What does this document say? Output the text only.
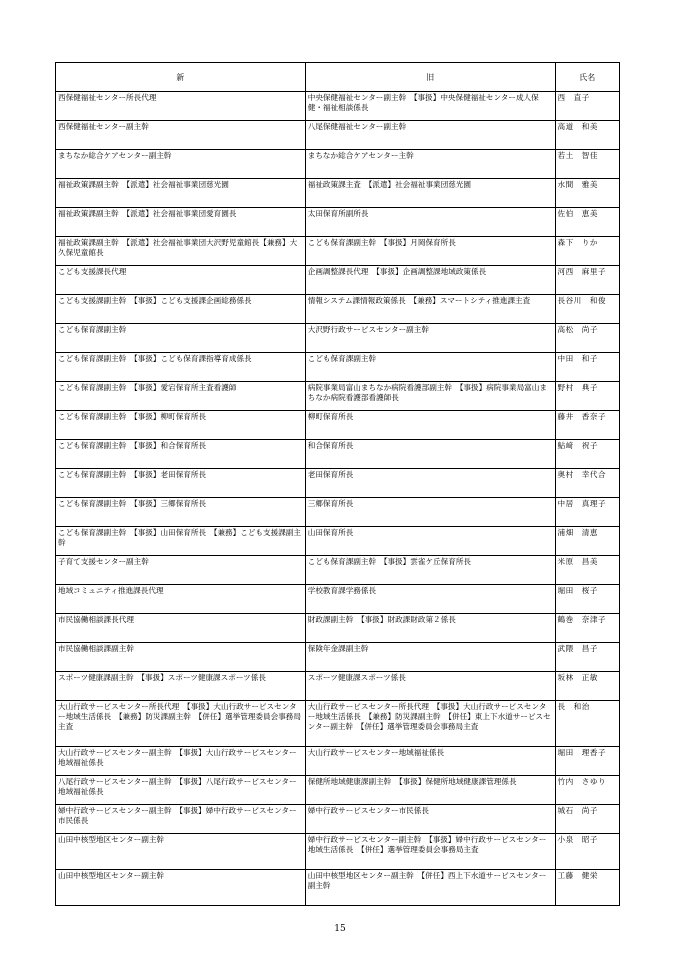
新	旧	氏名
西保健福祉センター所長代理	中央保健福祉センター副主幹　【事扱】中央保健福祉センター成人保健・福祉相談係長	西　直子
西保健福祉センター副主幹	八尾保健福祉センター副主幹	高道　和美
まちなか総合ケアセンター副主幹	まちなか総合ケアセンター主幹	若土　智佳
福祉政策課副主幹　【派遣】社会福祉事業団慈光園	福祉政策課主査　【派遣】社会福祉事業団慈光園	水間　雅美
福祉政策課副主幹　【派遣】社会福祉事業団愛育園長	太田保育所副所長	佐伯　恵美
福祉政策課副主幹　【派遣】社会福祉事業団大沢野児童館長【兼務】大久保児童館長	こども保育課副主幹　【事扱】月岡保育所長	森下　りか
こども支援課長代理	企画調整課長代理　【事扱】企画調整課地域政策係長	河西　麻里子
こども支援課副主幹　【事扱】こども支援課企画総務係長	情報システム課情報政策係長　【兼務】スマートシティ推進課主査	長谷川　和俊
こども保育課副主幹	大沢野行政サービスセンター副主幹	高松　尚子
こども保育課副主幹　【事扱】こども保育課指導育成係長	こども保育課副主幹	中田　和子
こども保育課副主幹　【事扱】愛宕保育所主査看護師	病院事業局富山まちなか病院看護部副主幹　【事扱】病院事業局富山まちなか病院看護部看護師長	野村　典子
こども保育課副主幹　【事扱】柳町保育所長	柳町保育所長	藤井　香奈子
こども保育課副主幹　【事扱】和合保育所長	和合保育所長	鮎﨑　祝子
こども保育課副主幹　【事扱】老田保育所長	老田保育所長	奥村　幸代合
こども保育課副主幹　【事扱】三郷保育所長	三郷保育所長	中居　真理子
こども保育課副主幹　【事扱】山田保育所長　【兼務】こども支援課副主幹	山田保育所長	浦畑　清恵
子育て支援センター副主幹	こども保育課副主幹　【事扱】雲雀ケ丘保育所長	米原　昌美
地域コミュニティ推進課長代理	学校教育課学務係長	堀田　桜子
市民協働相談課長代理	財政課副主幹　【事扱】財政課財政第２係長	鶴巻　奈津子
市民協働相談課副主幹	保険年金課副主幹	武隈　昌子
スポーツ健康課副主幹　【事扱】スポーツ健康課スポーツ係長	スポーツ健康課スポーツ係長	坂林　正敏
大山行政サービスセンター所長代理　【事扱】大山行政サービスセンター地域生活係長　【兼務】防災課副主幹　【併任】選挙管理委員会事務局主査	大山行政サービスセンター所長代理　【事扱】大山行政サービスセンター地域生活係長　【兼務】防災課副主幹　【併任】東上下水道サービスセンター副主幹　【併任】選挙管理委員会事務局主査	長　和治
大山行政サービスセンター副主幹　【事扱】大山行政サービスセンター地域福祉係長	大山行政サービスセンター地域福祉係長	堀田　理香子
八尾行政サービスセンター副主幹　【事扱】八尾行政サービスセンター地域福祉係長	保健所地域健康課副主幹　【事扱】保健所地域健康課管理係長	竹内　さゆり
婦中行政サービスセンター副主幹　【事扱】婦中行政サービスセンター市民係長	婦中行政サービスセンター市民係長	城石　尚子
山田中核型地区センター副主幹	婦中行政サービスセンター副主幹　【事扱】婦中行政サービスセンター地域生活係長　【併任】選挙管理委員会事務局主査	小泉　昭子
山田中核型地区センター副主幹	山田中核型地区センター副主幹　【併任】西上下水道サービスセンター副主幹	工藤　健栄
15
